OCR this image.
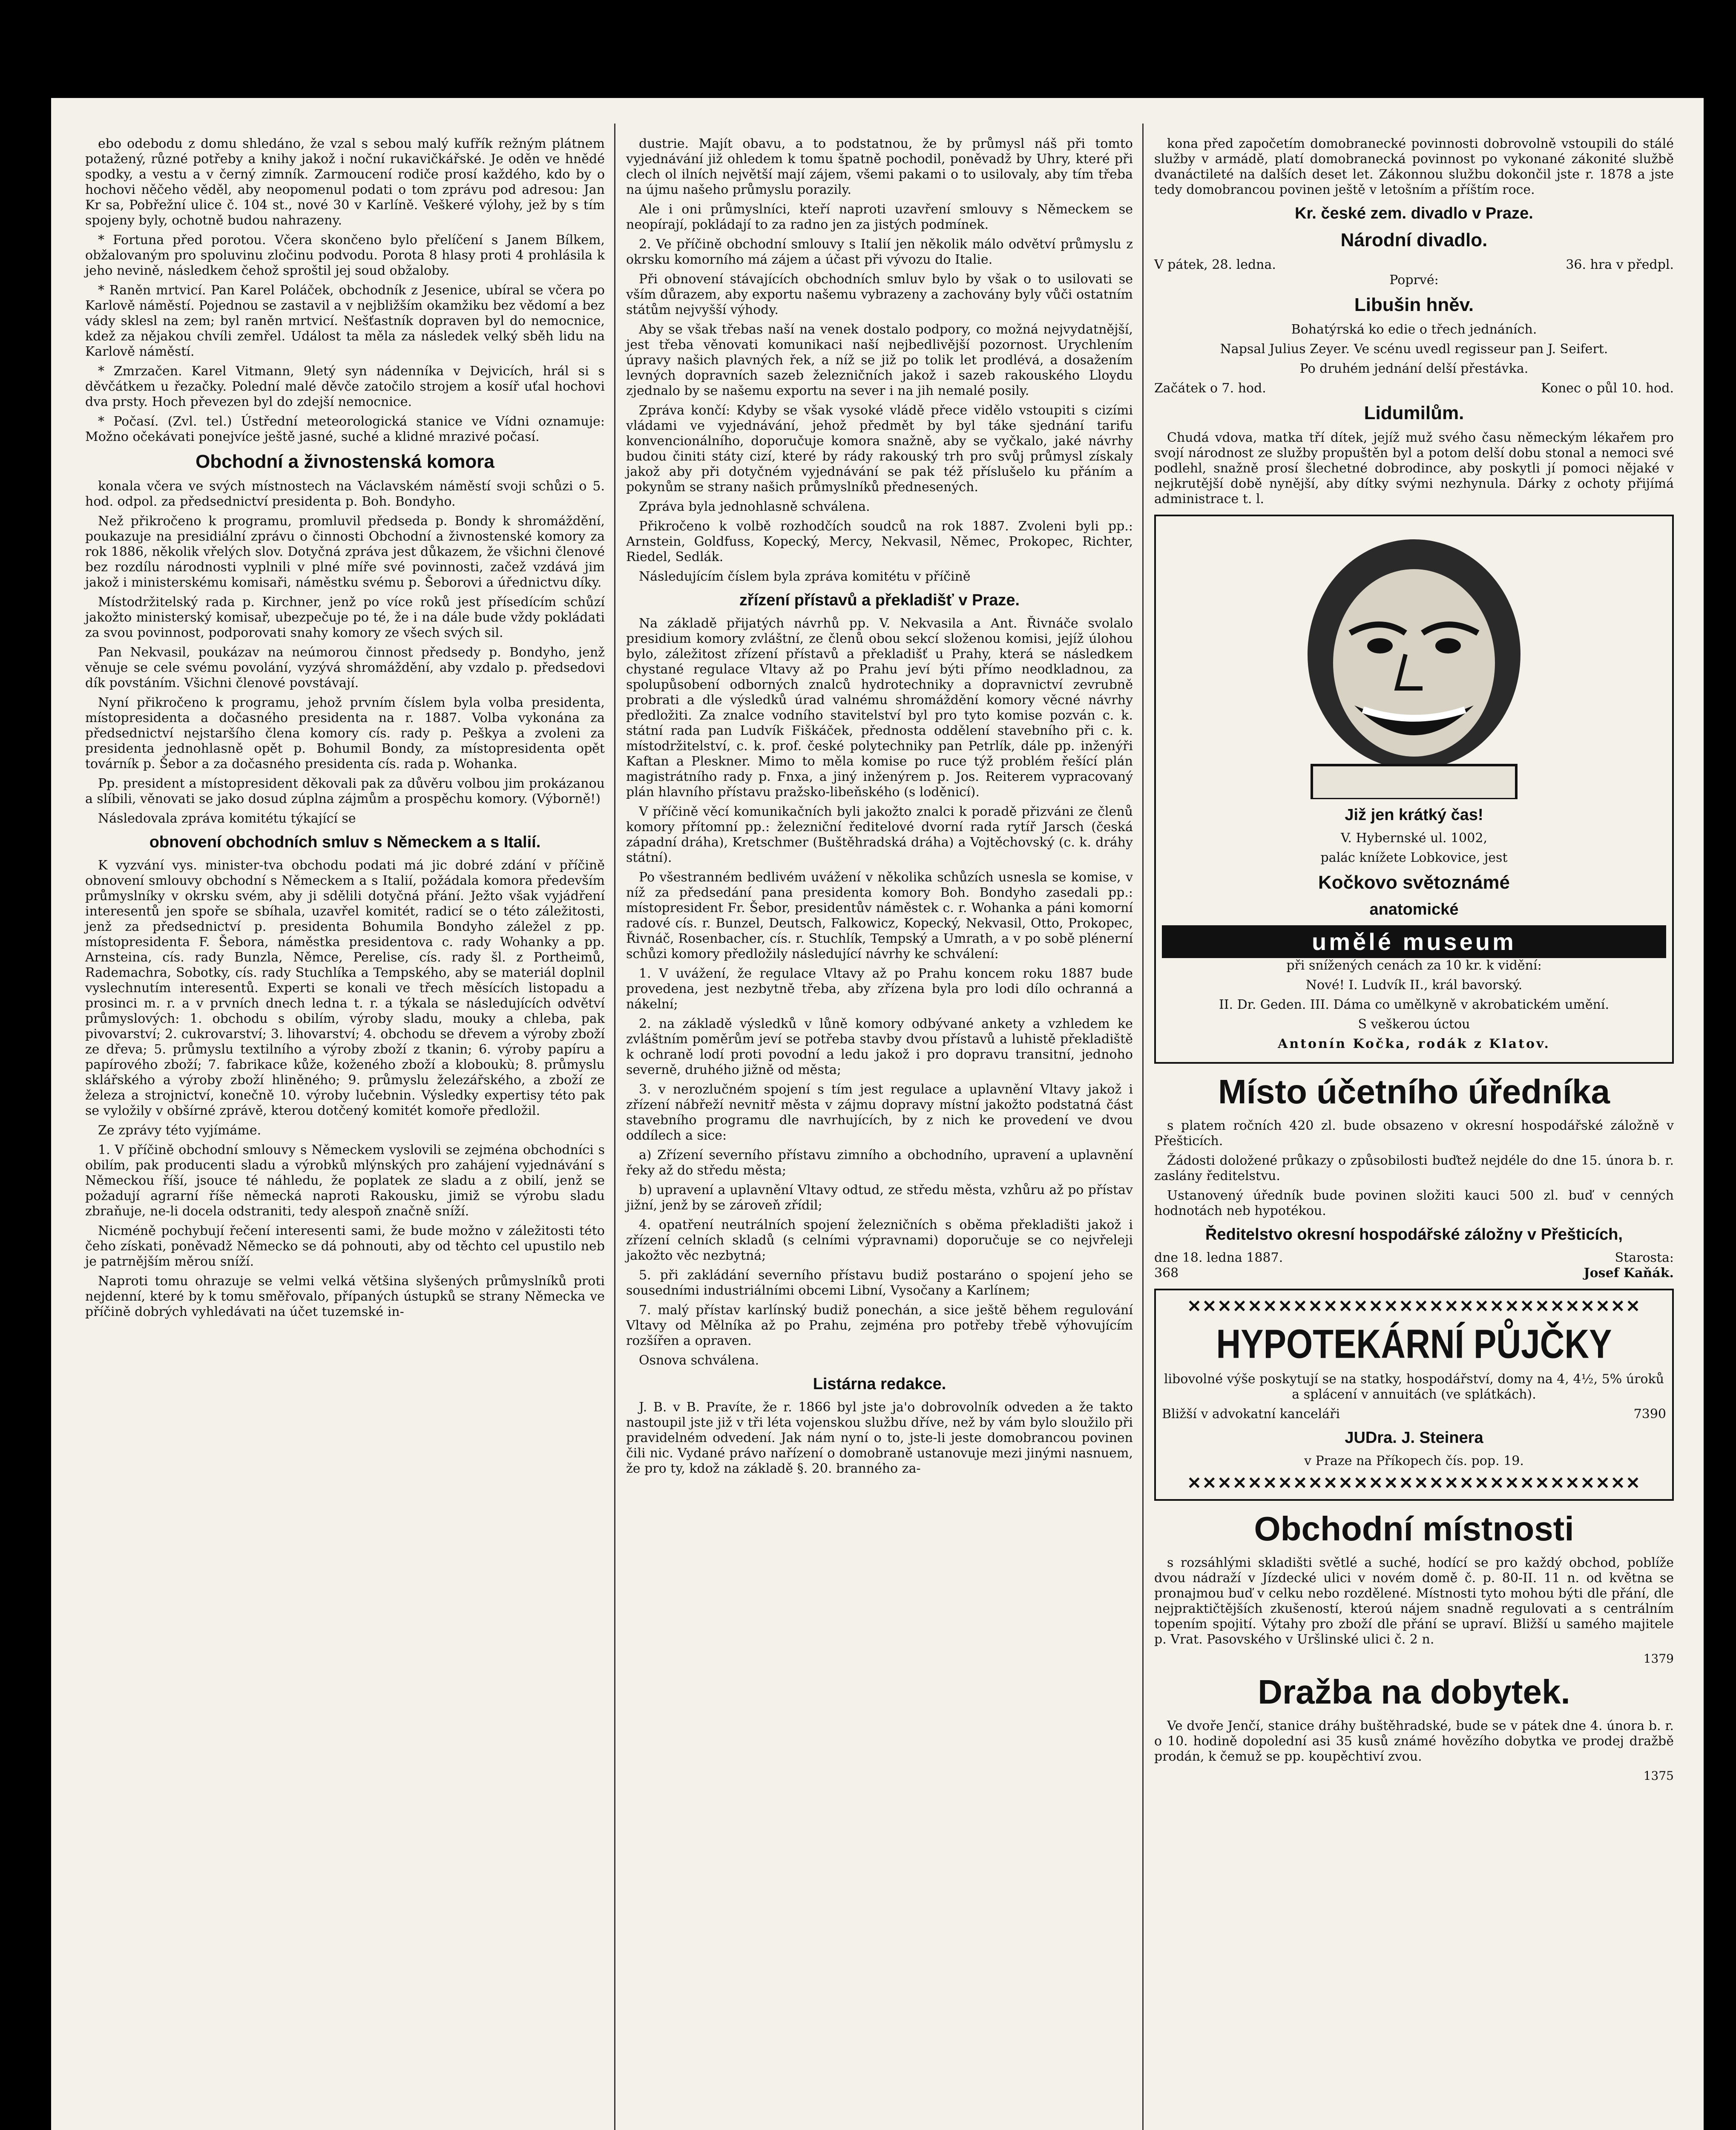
ebo odebodu z domu shledáno, že vzal s sebou malý kufřík režným plátnem potažený, různé potřeby a knihy jakož i noční rukavičkářské. Je oděn ve hnědé spodky, a vestu a v černý zimník. Zarmoucení rodiče prosí každého, kdo by o hochovi něčeho věděl, aby neopomenul podati o tom zprávu pod adresou: Jan Kr sa, Pobřežní ulice č. 104 st., nové 30 v Karlíně. Veškeré výlohy, jež by s tím spojeny byly, ochotně budou nahrazeny.

* Fortuna před porotou. Včera skončeno bylo přelíčení s Janem Bílkem, obžalovaným pro spoluvinu zločinu podvodu. Porota 8 hlasy proti 4 prohlásila k jeho nevině, následkem čehož sproštil jej soud obžaloby.

* Raněn mrtvicí. Pan Karel Poláček, obchodník z Jesenice, ubíral se včera po Karlově náměstí. Pojednou se zastavil a v nejbližším okamžiku bez vědomí a bez vády sklesl na zem; byl raněn mrtvicí. Nešťastník dopraven byl do nemocnice, kdež za nějakou chvíli zemřel. Událost ta měla za následek velký sběh lidu na Karlově náměstí.

* Zmrzačen. Karel Vitmann, 9letý syn nádenníka v Dejvicích, hrál si s děvčátkem u řezačky. Polední malé děvče zatočilo strojem a kosíř uťal hochovi dva prsty. Hoch převezen byl do zdejší nemocnice.

* Počasí. (Zvl. tel.) Ústřední meteorologická stanice ve Vídni oznamuje: Možno očekávati ponejvíce ještě jasné, suché a klidné mrazivé počasí.

Obchodní a živnostenská komora

konala včera ve svých místnostech na Václavském náměstí svoji schůzi o 5. hod. odpol. za předsednictví presidenta p. Boh. Bondyho.

Než přikročeno k programu, promluvil předseda p. Bondy k shromáždění, poukazuje na presidiální zprávu o činnosti Obchodní a živnostenské komory za rok 1886, několik vřelých slov. Dotyčná zpráva jest důkazem, že všichni členové bez rozdílu národnosti vyplnili v plné míře své povinnosti, začež vzdává jim jakož i ministerskému komisaři, náměstku svému p. Šeborovi a úřednictvu díky.

Místodržitelský rada p. Kirchner, jenž po více roků jest přísedícím schůzí jakožto ministerský komisař, ubezpečuje po té, že i na dále bude vždy pokládati za svou povinnost, podporovati snahy komory ze všech svých sil.

Pan Nekvasil, poukázav na neúmorou činnost předsedy p. Bondyho, jenž věnuje se cele svému povolání, vyzývá shromáždění, aby vzdalo p. předsedovi dík povstáním. Všichni členové povstávají.

Nyní přikročeno k programu, jehož prvním číslem byla volba presidenta, místopresidenta a dočasného presidenta na r. 1887. Volba vykonána za předsednictví nejstaršího člena komory cís. rady p. Peškyа a zvoleni za presidenta jednohlasně opět p. Bohumil Bondy, za místopresidenta opět továrník p. Šebor a za dočasného presidenta cís. rada p. Wohanka.

Pp. president a místopresident děkovali pak za důvěru volbou jim prokázanou a slíbili, věnovati se jako dosud zúplna zájmům a prospěchu komory. (Výborně!)

Následovala zpráva komitétu týkající se

obnovení obchodních smluv s Německem a s Italií.

K vyzvání vys. minister-tva obchodu podati má jic dobré zdání v příčině obnovení smlouvy obchodní s Německem a s Italií, požádala komora především průmyslníky v okrsku svém, aby ji sdělili dotyčná přání. Ježto však vyjádření interesentů jen spoře se sbíhala, uzavřel komitét, radicí se o této záležitosti, jenž za předsednictví p. presidenta Bohumila Bondyho záležel z pp. místopresidenta F. Šebora, náměstka presidentova c. rady Wohanky a pp. Arnsteina, cís. rady Bunzla, Němce, Perelise, cís. rady šl. z Portheimů, Rademachra, Sobotky, cís. rady Stuchlíka a Tempského, aby se materiál doplnil vyslechnutím interesentů. Experti se konali ve třech měsících listopadu a prosinci m. r. a v prvních dnech ledna t. r. a týkala se následujících odvětví průmyslových: 1. obchodu s obilím, výroby sladu, mouky a chleba, pak pivovarství; 2. cukrovarství; 3. lihovarství; 4. obchodu se dřevem a výroby zboží ze dřeva; 5. průmyslu textilního a výroby zboží z tkanin; 6. výroby papíru a papírového zboží; 7. fabrikace kůže, koženého zboží a kloboukù; 8. průmyslu sklářského a výroby zboží hliněného; 9. průmyslu železářského, a zboží ze železa a strojnictví, konečně 10. výroby lučebnin. Výsledky expertisy této pak se vyložily v obšírné zprávě, kterou dotčený komitét komoře předložil.

Ze zprávy této vyjímáme.

1. V příčině obchodní smlouvy s Německem vyslovili se zejména obchodníci s obilím, pak producenti sladu a výrobků mlýnských pro zahájení vyjednávání s Německou říší, jsouce té náhledu, že poplatek ze sladu a z obilí, jenž se požadují agrarní říše německá naproti Rakousku, jimiž se výrobu sladu zbraňuje, ne-li docela odstraniti, tedy alespoň značně sníží.

Nicméně pochybují řečení interesenti sami, že bude možno v záležitosti této čeho získati, poněvadž Německo se dá pohnouti, aby od těchto cel upustilo neb je patrnějším měrou sníží.

Naproti tomu ohrazuje se velmi velká většina slyšených průmyslníků proti nejdenní, které by k tomu směřovalo, přípaných ústupků se strany Německa ve příčině dobrých vyhledávati na účet tuzemské in-

dustrie. Majít obavu, a to podstatnou, že by průmysl náš při tomto vyjednávání již ohledem k tomu špatně pochodil, poněvadž by Uhry, které při clech ol ilních největší mají zájem, všemi pakami o to usilovaly, aby tím třeba na újmu našeho průmyslu porazily.

Ale i oni průmyslníci, kteří naproti uzavření smlouvy s Německem se neopírají, pokládají to za radno jen za jistých podmínek.

2. Ve příčině obchodní smlouvy s Italií jen několik málo odvětví průmyslu z okrsku komorního má zájem a účast při vývozu do Italie.

Při obnovení stávajících obchodních smluv bylo by však o to usilovati se vším důrazem, aby exportu našemu vybrazeny a zachovány byly vůči ostatním státům nejvyšší výhody.

Aby se však třebas naší na venek dostalo podpory, co možná nejvydatnější, jest třeba věnovati komunikaci naší nejbedlivější pozornost. Urychlením úpravy našich plavných řek, a níž se již po tolik let prodlévá, a dosažením levných dopravních sazeb železničních jakož i sazeb rakouského Lloydu zjednalo by se našemu exportu na sever i na jih nemalé posily.

Zpráva končí: Kdyby se však vysoké vládě přece vidělo vstoupiti s cizími vládami ve vyjednávání, jehož předmět by byl táke sjednání tarifu konvencionálního, doporučuje komora snažně, aby se vyčkalo, jaké návrhy budou činiti státy cizí, které by rády rakouský trh pro svůj průmysl získaly jakož aby při dotyčném vyjednávání se pak též příslušelo ku přáním a pokynům se strany našich průmyslníků přednesených.

Zpráva byla jednohlasně schválena.

Přikročeno k volbě rozhodčích soudců na rok 1887. Zvoleni byli pp.: Arnstein, Goldfuss, Kopecký, Mercy, Nekvasil, Němec, Prokopec, Richter, Riedel, Sedlák.

Následujícím číslem byla zpráva komitétu v příčině

zřízení přístavů a překladišť v Praze.

Na základě přijatých návrhů pp. V. Nekvasila a Ant. Řivnáče svolalo presidium komory zvláštní, ze členů obou sekcí složenou komisi, jejíž úlohou bylo, záležitost zřízení přístavů a překladišť u Prahy, která se následkem chystané regulace Vltavy až po Prahu jeví býti přímo neodkladnou, za spolupůsobení odborných znalců hydrotechniky a dopravnictví zevrubně probrati a dle výsledků úrad valnému shromáždění komory věcné návrhy předložiti. Za znalce vodního stavitelství byl pro tyto komise pozván c. k. státní rada pan Ludvík Fiškáček, přednosta oddělení stavebního při c. k. místodržitelství, c. k. prof. české polytechniky pan Petrlík, dále pp. inženýři Kaftan a Pleskner. Mimo to měla komise po ruce týž problém řešící plán magistrátního rady p. Fnxa, a jiný inženýrem p. Jos. Reiterem vypracovaný plán hlavního přístavu pražsko-libeňského (s loděnicí).

V příčině věcí komunikačních byli jakožto znalci k poradě přizváni ze členů komory přítomní pp.: železniční ředitelové dvorní rada rytíř Jarsch (česká západní dráha), Kretschmer (Buštěhradská dráha) a Vojtěchovský (c. k. dráhy státní).

Po všestranném bedlivém uvážení v několika schůzích usnesla se komise, v níž za předsedání pana presidenta komory Boh. Bondyho zasedali pp.: místopresident Fr. Šebor, presidentův náměstek c. r. Wohanka a páni komorní radové cís. r. Bunzel, Deutsch, Falkowicz, Kopecký, Nekvasil, Otto, Prokopec, Řivnáč, Rosenbacher, cís. r. Stuchlík, Tempský a Umrath, a v po sobě plénerní schůzi komory předložily následující návrhy ke schválení:

1. V uvážení, že regulace Vltavy až po Prahu koncem roku 1887 bude provedena, jest nezbytně třeba, aby zřízena byla pro lodi dílo ochranná a nákelní;

2. na základě výsledků v lůně komory odbývané ankety a vzhledem ke zvláštním poměrům jeví se potřeba stavby dvou přístavů a luhistě překladiště k ochraně lodí proti povodní a ledu jakož i pro dopravu transitní, jednoho severně, druhého jižně od města;

3. v nerozlučném spojení s tím jest regulace a uplavnění Vltavy jakož i zřízení nábřeží nevnitř města v zájmu dopravy místní jakožto podstatná část stavebního programu dle navrhujících, by z nich ke provedení ve dvou oddílech a sice:

a) Zřízení severního přístavu zimního a obchodního, upravení a uplavnění řeky až do středu města;

b) upravení a uplavnění Vltavy odtud, ze středu města, vzhůru až po přístav jižní, jenž by se zároveň zřídil;

4. opatření neutrálních spojení železničních s oběma překladišti jakož i zřízení celních skladů (s celními výpravnami) doporučuje se co nejvřeleji jakožto věc nezbytná;

5. při zakládání severního přístavu budiž postaráno o spojení jeho se sousedními industriálními obcemi Libní, Vysočany a Karlínem;

7. malý přístav karlínský budiž ponechán, a sice ještě během regulování Vltavy od Mělníka až po Prahu, zejména pro potřeby třebě výhovujícím rozšířen a opraven.

Osnova schválena.

Listárna redakce.

J. B. v B. Pravíte, že r. 1866 byl jste ja'o dobrovolník odveden a že takto nastoupil jste již v tři léta vojenskou službu dříve, než by vám bylo sloužilo při pravidelném odvedení. Jak nám nyní o to, jste-li jeste domobrancou povinen čili nic. Vydané právo nařízení o domobraně ustanovuje mezi jinými nasnuem, že pro ty, kdož na základě §. 20. branného za-

kona před započetím domobranecké povinnosti dobrovolně vstoupili do stálé služby v armádě, platí domobranecká povinnost po vykonané zákonité službě dvanáctileté na dalších deset let. Zákonnou službu dokončil jste r. 1878 a jste tedy domobrancou povinen ještě v letošním a příštím roce.

Kr. české zem. divadlo v Praze.
Národní divadlo.
V pátek, 28. ledna.	36. hra v předpl.

Poprvé:

Libušin hněv.

Bohatýrská ko edie o třech jednáních.

Napsal Julius Zeyer. Ve scénu uvedl regisseur pan J. Seifert.

Po druhém jednání delší přestávka.

Začátek o 7. hod.	Konec o půl 10. hod.
Lidumilům.

Chudá vdova, matka tří dítek, jejíž muž svého času německým lékařem pro svojí národnost ze služby propuštěn byl a potom delší dobu stonal a nemoci své podlehl, snažně prosí šlechetné dobrodince, aby poskytli jí pomoci nějaké v nejkrutější době nynější, aby dítky svými nezhynula. Dárky z ochoty přijímá administrace t. l.

Již jen krátký čas!

V. Hybernské ul. 1002,

palác knížete Lobkovice, jest

Kočkovo světoznámé
anatomické
umělé museum

při snížených cenách za 10 kr. k vidění:

Nové! I. Ludvík II., král bavorský.

II. Dr. Geden. III. Dáma co umělkyně v akrobatickém umění.

S veškerou úctou

Antonín Kočka, rodák z Klatov.

Místo účetního úředníka

s platem ročních 420 zl. bude obsazeno v okresní hospodářské záložně v Přešticích.

Žádosti doložené průkazy o způsobilosti buďtež nejdéle do dne 15. února b. r. zaslány ředitelstvu.

Ustanovený úředník bude povinen složiti kauci 500 zl. buď v cenných hodnotách neb hypotékou.

Ředitelstvo okresní hospodářské záložny v Přešticích,
dne 18. ledna 1887.	Starosta:
368	Josef Kaňák.
✕✕✕✕✕✕✕✕✕✕✕✕✕✕✕✕✕✕✕✕✕✕✕✕✕✕✕✕✕✕
HYPOTEKÁRNÍ PŮJČKY

libovolné výše poskytují se na statky, hospodářství, domy na 4, 4½, 5% úroků a splácení v annuitách (ve splátkách).

Bližší v advokatní kanceláři	7390
JUDra. J. Steinera

v Praze na Příkopech čís. pop. 19.

✕✕✕✕✕✕✕✕✕✕✕✕✕✕✕✕✕✕✕✕✕✕✕✕✕✕✕✕✕✕
Obchodní místnosti

s rozsáhlými skladišti světlé a suché, hodící se pro každý obchod, poblíže dvou nádraží v Jízdecké ulici v novém domě č. p. 80-II. 11 n. od května se pronajmou buď v celku nebo rozdělené. Místnosti tyto mohou býti dle přání, dle nejpraktičtějších zkušeností, kteroú nájem snadně regulovati a s centrálním topením spojití. Výtahy pro zboží dle přání se upraví. Bližší u samého majitele p. Vrat. Pasovského v Uršlinské ulici č. 2 n.

1379
Dražba na dobytek.

Ve dvoře Jenčí, stanice dráhy buštěhradské, bude se v pátek dne 4. února b. r. o 10. hodině dopolední asi 35 kusů známé hovězího dobytka ve prodej dražbě prodán, k čemuž se pp. koupěchtiví zvou.

1375
